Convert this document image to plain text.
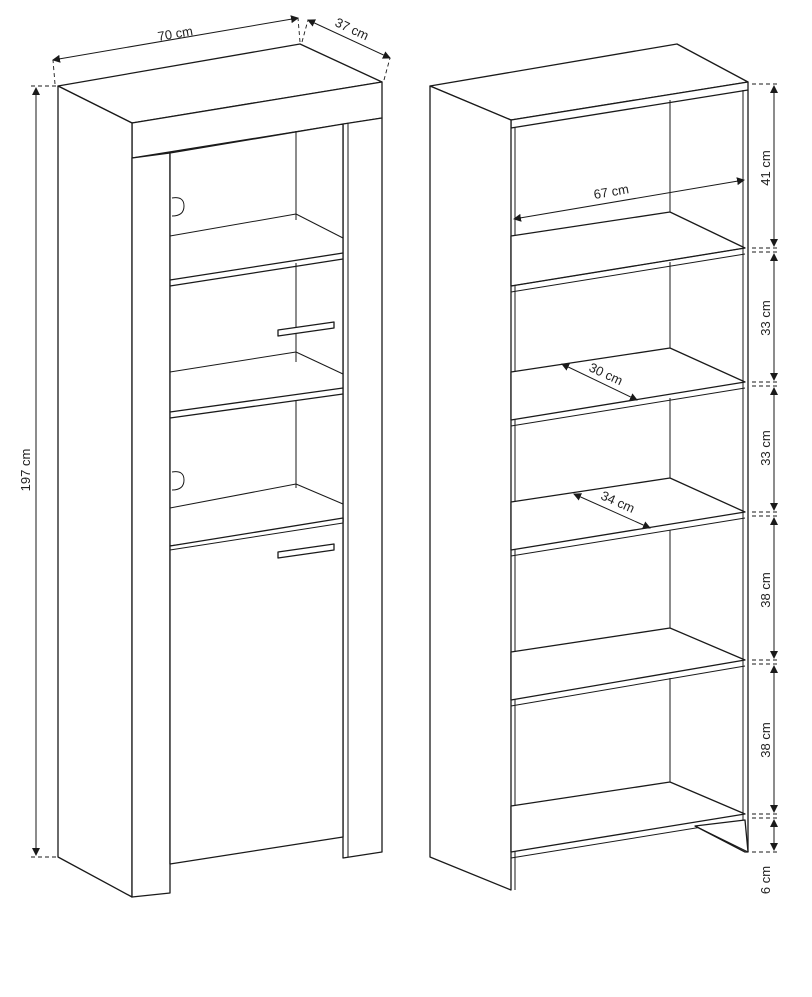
70 cm	37 cm
197 cm
67 cm
30 cm
34 cm
41 cm
33 cm
33 cm
38 cm
38 cm
6 cm
